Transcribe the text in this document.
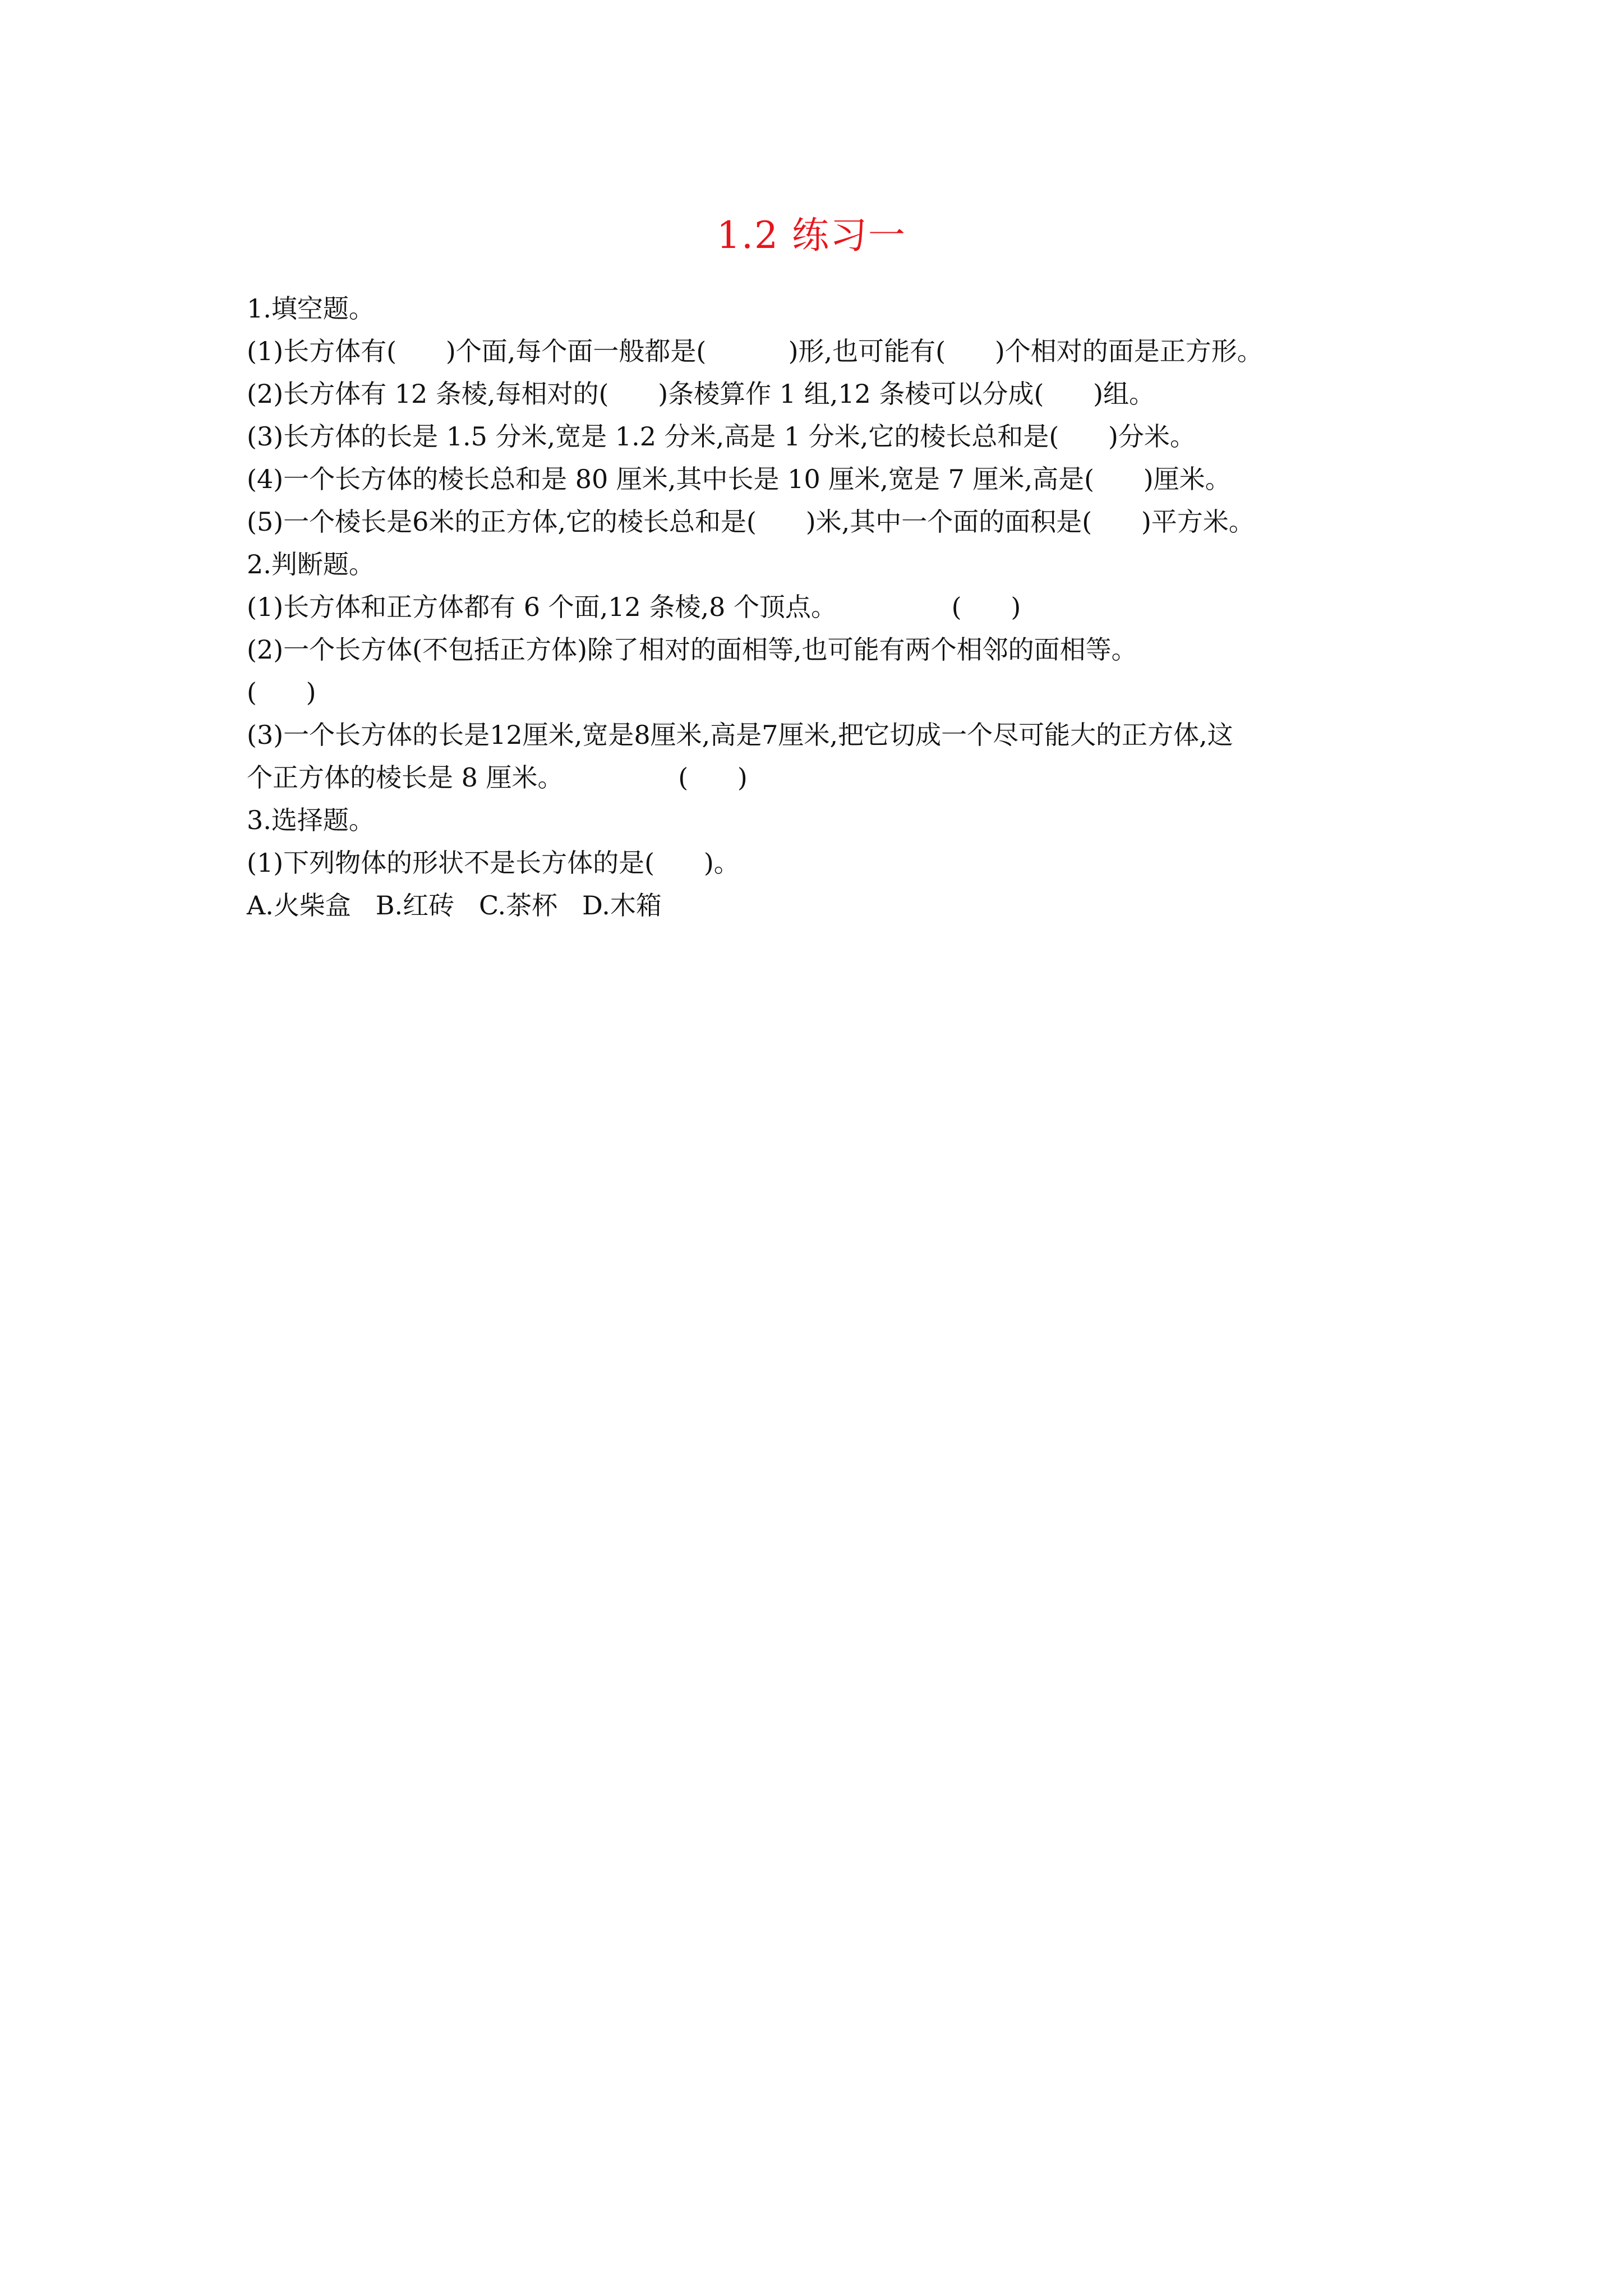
1.2 练习一
1.填空题。
(1)长方体有(      )个面,每个面一般都是(          )形,也可能有(      )个相对的面是正方形。
(2)长方体有 12 条棱,每相对的(      )条棱算作 1 组,12 条棱可以分成(      )组。
(3)长方体的长是 1.5 分米,宽是 1.2 分米,高是 1 分米,它的棱长总和是(      )分米。
(4)一个长方体的棱长总和是 80 厘米,其中长是 10 厘米,宽是 7 厘米,高是(      )厘米。
(5)一个棱长是6米的正方体,它的棱长总和是(      )米,其中一个面的面积是(      )平方米。
2.判断题。
(1)长方体和正方体都有 6 个面,12 条棱,8 个顶点。              (      )
(2)一个长方体(不包括正方体)除了相对的面相等,也可能有两个相邻的面相等。
(      )
(3)一个长方体的长是12厘米,宽是8厘米,高是7厘米,把它切成一个尽可能大的正方体,这
个正方体的棱长是 8 厘米。              (      )
3.选择题。
(1)下列物体的形状不是长方体的是(      )。
A.火柴盒   B.红砖   C.茶杯   D.木箱
